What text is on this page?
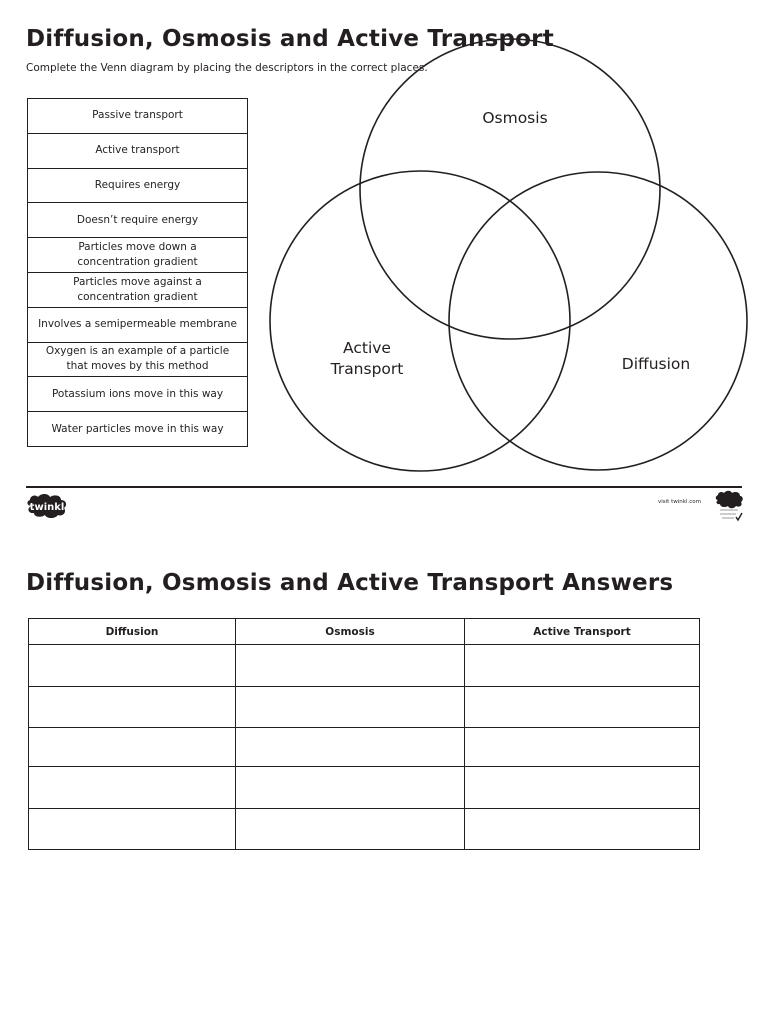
Diffusion, Osmosis and Active Transport

Complete the Venn diagram by placing the descriptors in the correct places.

Passive transport
Active transport
Requires energy
Doesn’t require energy
Particles move down a concentration gradient
Particles move against a concentration gradient
Involves a semipermeable membrane
Oxygen is an example of a particle that moves by this method
Potassium ions move in this way
Water particles move in this way
Osmosis
Active
Transport	Diffusion
twinkl	visit twinkl.com
Diffusion, Osmosis and Active Transport Answers
Diffusion	Osmosis	Active Transport
